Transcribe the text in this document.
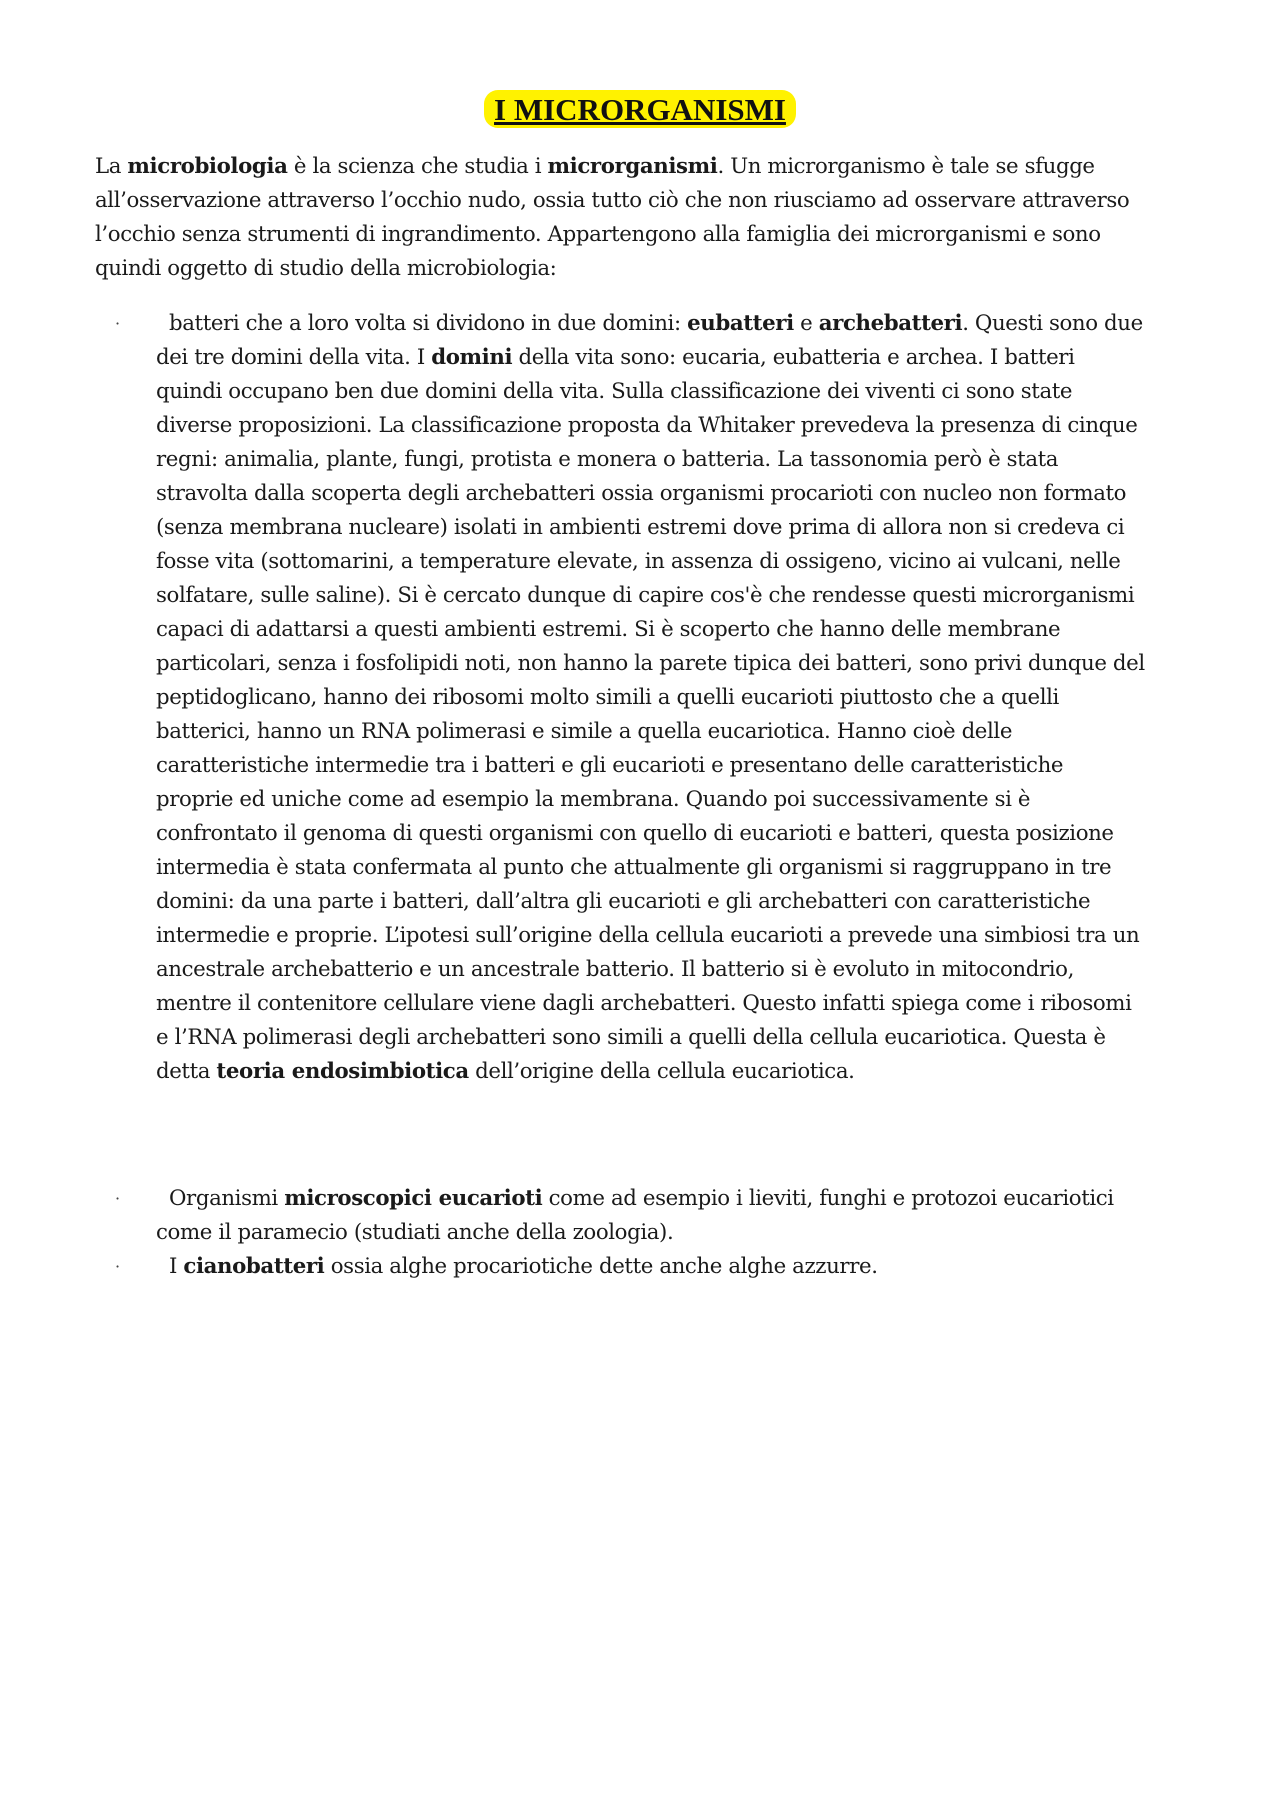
I MICRORGANISMI

La microbiologia è la scienza che studia i microrganismi. Un microrganismo è tale se sfugge all’osservazione attraverso l’occhio nudo, ossia tutto ciò che non riusciamo ad osservare attraverso l’occhio senza strumenti di ingrandimento. Appartengono alla famiglia dei microrganismi e sono quindi oggetto di studio della microbiologia:

·	batteri che a loro volta si dividono in due domini: eubatteri e archebatteri. Questi sono due dei tre domini della vita. I domini della vita sono: eucaria, eubatteria e archea. I batteri quindi occupano ben due domini della vita. Sulla classificazione dei viventi ci sono state diverse proposizioni. La classificazione proposta da Whitaker prevedeva la presenza di cinque regni: animalia, plante, fungi, protista e monera o batteria. La tassonomia però è stata stravolta dalla scoperta degli archebatteri ossia organismi procarioti con nucleo non formato (senza membrana nucleare) isolati in ambienti estremi dove prima di allora non si credeva ci fosse vita (sottomarini, a temperature elevate, in assenza di ossigeno, vicino ai vulcani, nelle solfatare, sulle saline). Si è cercato dunque di capire cos'è che rendesse questi microrganismi capaci di adattarsi a questi ambienti estremi. Si è scoperto che hanno delle membrane particolari, senza i fosfolipidi noti, non hanno la parete tipica dei batteri, sono privi dunque del peptidoglicano, hanno dei ribosomi molto simili a quelli eucarioti piuttosto che a quelli batterici, hanno un RNA polimerasi e simile a quella eucariotica. Hanno cioè delle caratteristiche intermedie tra i batteri e gli eucarioti e presentano delle caratteristiche proprie ed uniche come ad esempio la membrana. Quando poi successivamente si è confrontato il genoma di questi organismi con quello di eucarioti e batteri, questa posizione intermedia è stata confermata al punto che attualmente gli organismi si raggruppano in tre domini: da una parte i batteri, dall’altra gli eucarioti e gli archebatteri con caratteristiche intermedie e proprie. L’ipotesi sull’origine della cellula eucarioti a prevede una simbiosi tra un ancestrale archebatterio e un ancestrale batterio. Il batterio si è evoluto in mitocondrio, mentre il contenitore cellulare viene dagli archebatteri. Questo infatti spiega come i ribosomi e l’RNA polimerasi degli archebatteri sono simili a quelli della cellula eucariotica. Questa è detta teoria endosimbiotica dell’origine della cellula eucariotica.
·	Organismi microscopici eucarioti come ad esempio i lieviti, funghi e protozoi eucariotici come il paramecio (studiati anche della zoologia).
·	I cianobatteri ossia alghe procariotiche dette anche alghe azzurre.
